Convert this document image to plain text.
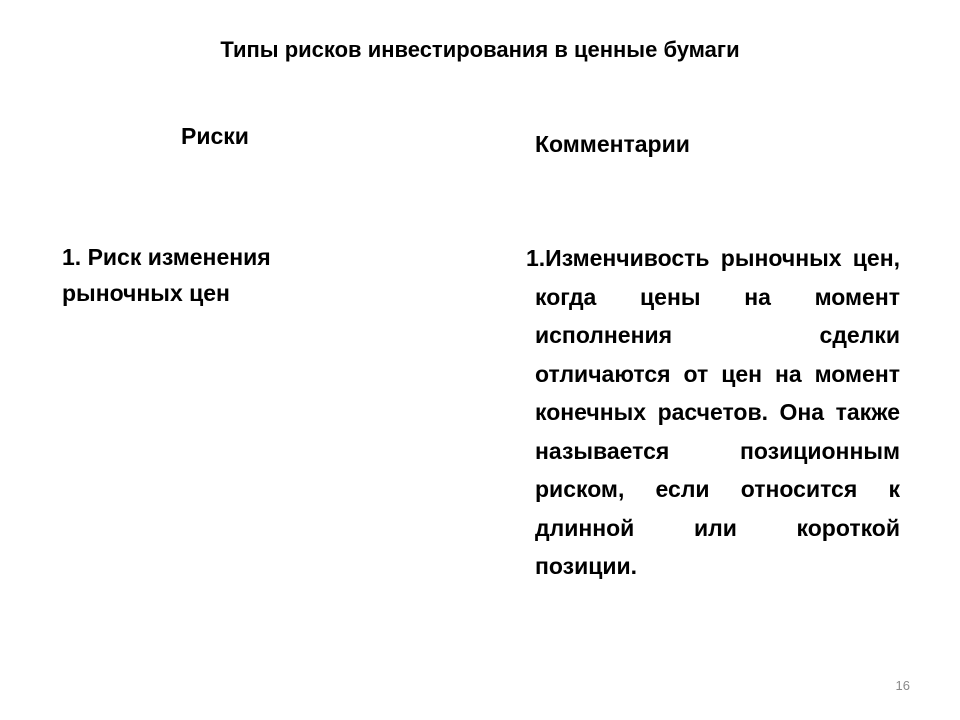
Типы рисков инвестирования в ценные бумаги
Риски	Комментарии
1. Риск изменения рыночных цен
1.Изменчивость рыночных цен, когда цены на момент исполнения сделки отличаются от цен на момент конечных расчетов. Она также называется позиционным риском, если относится к длинной или короткой позиции.
16
